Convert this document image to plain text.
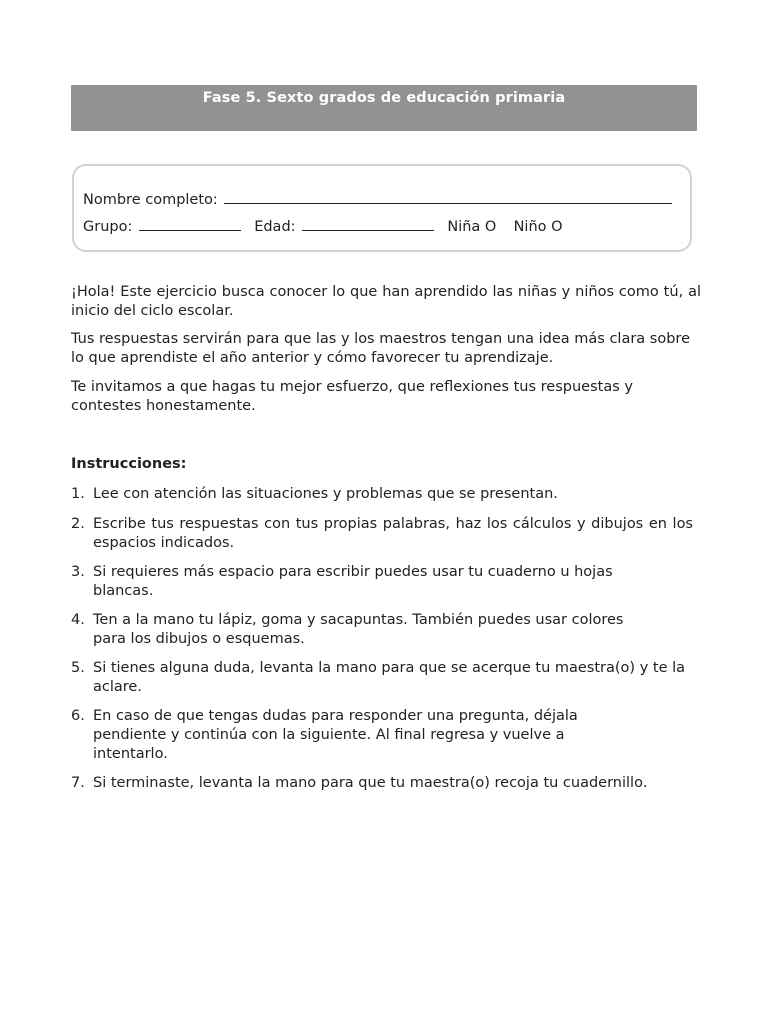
Fase 5. Sexto grados de educación primaria
Nombre completo:
Grupo:	Edad:	Niña O Niño O
¡Hola! Este ejercicio busca conocer lo que han aprendido las niñas y niños como tú, al inicio del ciclo escolar.
Tus respuestas servirán para que las y los maestros tengan una idea más clara sobre lo que aprendiste el año anterior y cómo favorecer tu aprendizaje.
Te invitamos a que hagas tu mejor esfuerzo, que reflexiones tus respuestas y contestes honestamente.
Instrucciones:
1. Lee con atención las situaciones y problemas que se presentan.
2. Escribe tus respuestas con tus propias palabras, haz los cálculos y dibujos en los espacios indicados.
3. Si requieres más espacio para escribir puedes usar tu cuaderno u hojas blancas.
4. Ten a la mano tu lápiz, goma y sacapuntas. También puedes usar colores para los dibujos o esquemas.
5. Si tienes alguna duda, levanta la mano para que se acerque tu maestra(o) y te la aclare.
6. En caso de que tengas dudas para responder una pregunta, déjala pendiente y continúa con la siguiente. Al final regresa y vuelve a intentarlo.
7. Si terminaste, levanta la mano para que tu maestra(o) recoja tu cuadernillo.
